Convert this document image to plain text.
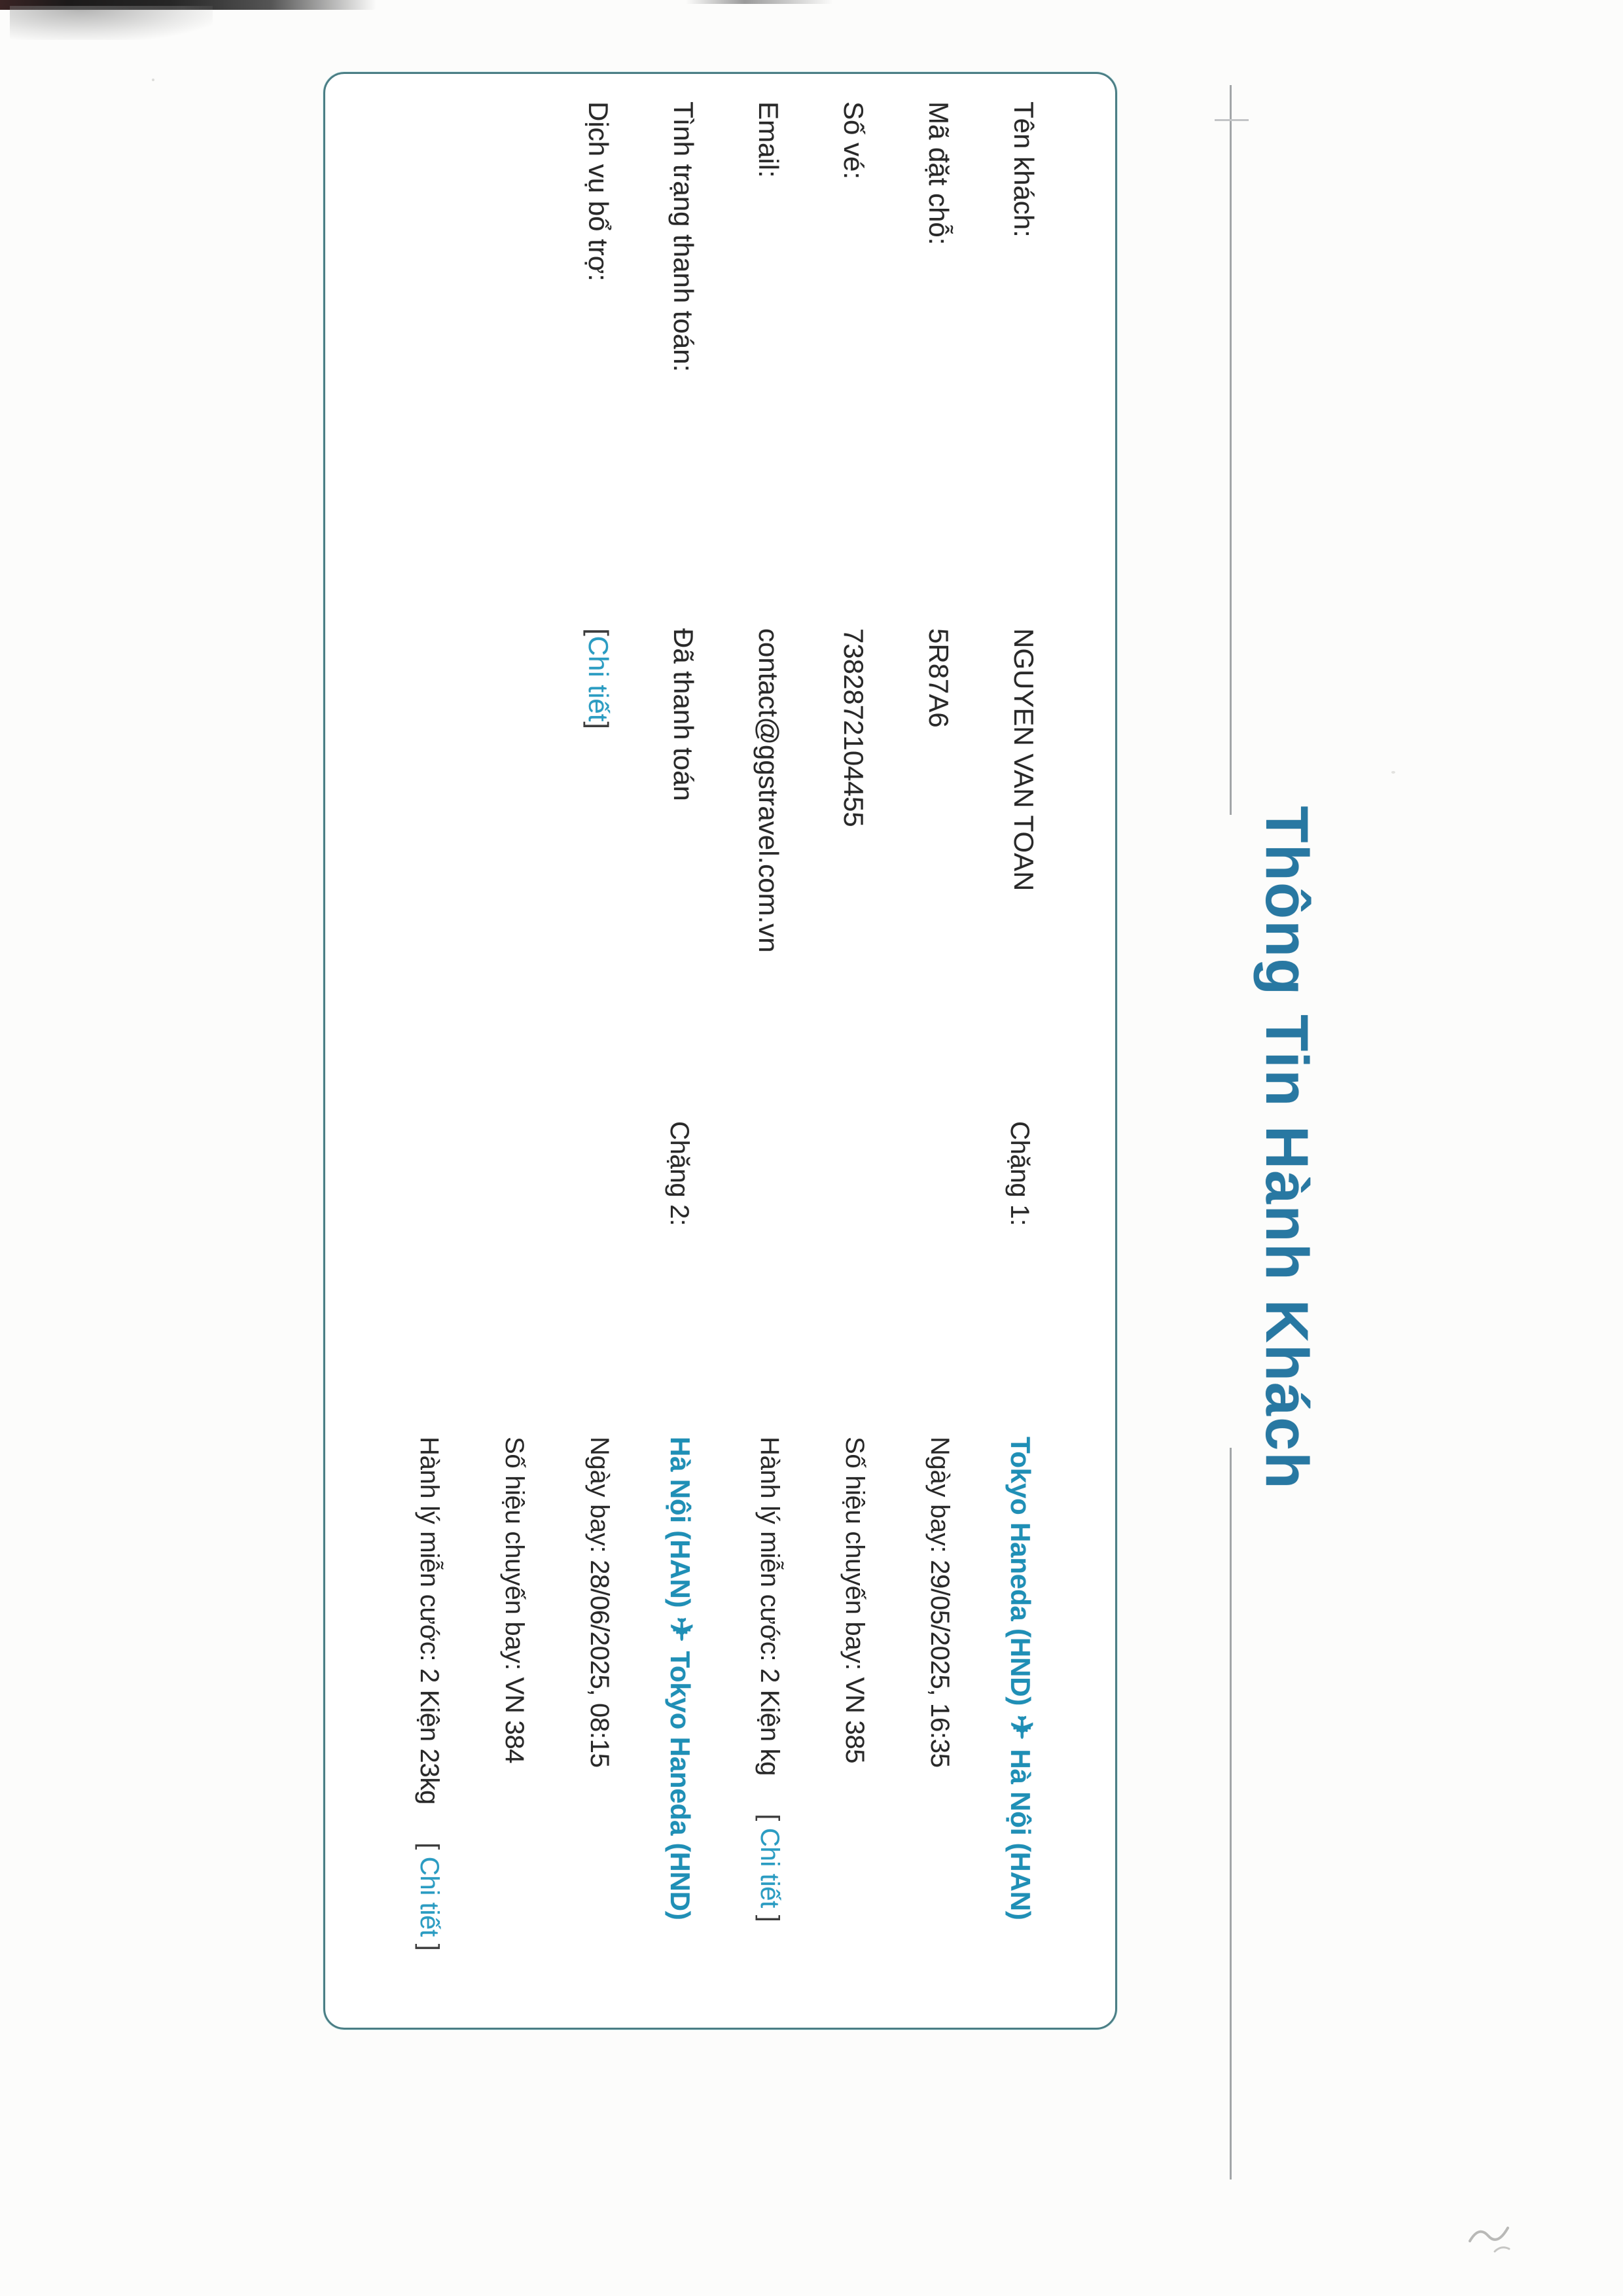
Thông Tin Hành Khách
Tên khách:
NGUYEN VAN TOAN
Mã đặt chỗ:
5R87A6
Số vé:
7382872104455
Email:
contact@ggstravel.com.vn
Tình trạng thanh toán:
Đã thanh toán
Dịch vụ bổ trợ:
[Chi tiết]
Chặng 1:
Tokyo Haneda (HND)✈Hà Nội (HAN)
Ngày bay:

29/05/2025, 16:35
Số hiệu chuyến bay:

VN 385
Hành lý miễn cước:

2 Kiện kg
[ Chi tiết ]
Chặng 2:
Hà Nội (HAN)✈Tokyo Haneda (HND)
Ngày bay:

28/06/2025, 08:15
Số hiệu chuyến bay:

VN 384
Hành lý miễn cước:

2 Kiện 23kg
[ Chi tiết ]
